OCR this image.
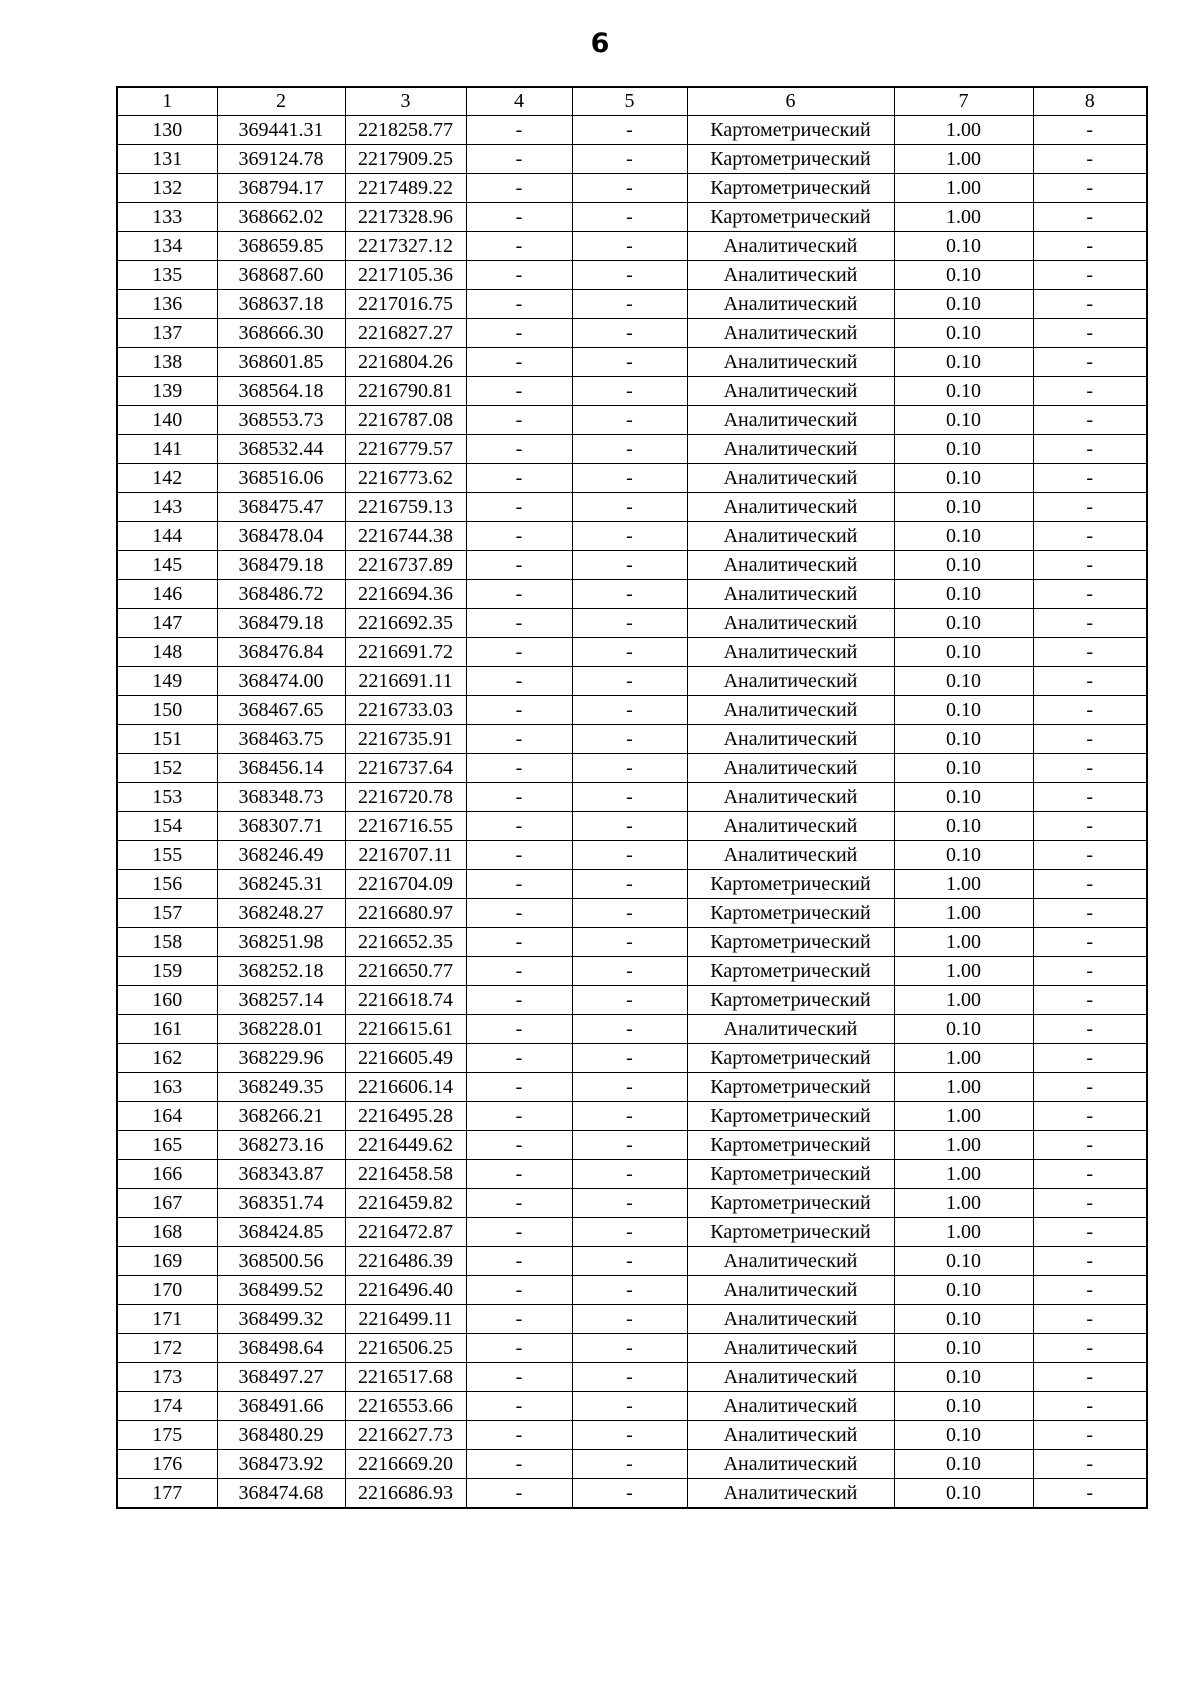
6
1	2	3	4	5	6	7	8
130	369441.31	2218258.77	-	-	Картометрический	1.00	-
131	369124.78	2217909.25	-	-	Картометрический	1.00	-
132	368794.17	2217489.22	-	-	Картометрический	1.00	-
133	368662.02	2217328.96	-	-	Картометрический	1.00	-
134	368659.85	2217327.12	-	-	Аналитический	0.10	-
135	368687.60	2217105.36	-	-	Аналитический	0.10	-
136	368637.18	2217016.75	-	-	Аналитический	0.10	-
137	368666.30	2216827.27	-	-	Аналитический	0.10	-
138	368601.85	2216804.26	-	-	Аналитический	0.10	-
139	368564.18	2216790.81	-	-	Аналитический	0.10	-
140	368553.73	2216787.08	-	-	Аналитический	0.10	-
141	368532.44	2216779.57	-	-	Аналитический	0.10	-
142	368516.06	2216773.62	-	-	Аналитический	0.10	-
143	368475.47	2216759.13	-	-	Аналитический	0.10	-
144	368478.04	2216744.38	-	-	Аналитический	0.10	-
145	368479.18	2216737.89	-	-	Аналитический	0.10	-
146	368486.72	2216694.36	-	-	Аналитический	0.10	-
147	368479.18	2216692.35	-	-	Аналитический	0.10	-
148	368476.84	2216691.72	-	-	Аналитический	0.10	-
149	368474.00	2216691.11	-	-	Аналитический	0.10	-
150	368467.65	2216733.03	-	-	Аналитический	0.10	-
151	368463.75	2216735.91	-	-	Аналитический	0.10	-
152	368456.14	2216737.64	-	-	Аналитический	0.10	-
153	368348.73	2216720.78	-	-	Аналитический	0.10	-
154	368307.71	2216716.55	-	-	Аналитический	0.10	-
155	368246.49	2216707.11	-	-	Аналитический	0.10	-
156	368245.31	2216704.09	-	-	Картометрический	1.00	-
157	368248.27	2216680.97	-	-	Картометрический	1.00	-
158	368251.98	2216652.35	-	-	Картометрический	1.00	-
159	368252.18	2216650.77	-	-	Картометрический	1.00	-
160	368257.14	2216618.74	-	-	Картометрический	1.00	-
161	368228.01	2216615.61	-	-	Аналитический	0.10	-
162	368229.96	2216605.49	-	-	Картометрический	1.00	-
163	368249.35	2216606.14	-	-	Картометрический	1.00	-
164	368266.21	2216495.28	-	-	Картометрический	1.00	-
165	368273.16	2216449.62	-	-	Картометрический	1.00	-
166	368343.87	2216458.58	-	-	Картометрический	1.00	-
167	368351.74	2216459.82	-	-	Картометрический	1.00	-
168	368424.85	2216472.87	-	-	Картометрический	1.00	-
169	368500.56	2216486.39	-	-	Аналитический	0.10	-
170	368499.52	2216496.40	-	-	Аналитический	0.10	-
171	368499.32	2216499.11	-	-	Аналитический	0.10	-
172	368498.64	2216506.25	-	-	Аналитический	0.10	-
173	368497.27	2216517.68	-	-	Аналитический	0.10	-
174	368491.66	2216553.66	-	-	Аналитический	0.10	-
175	368480.29	2216627.73	-	-	Аналитический	0.10	-
176	368473.92	2216669.20	-	-	Аналитический	0.10	-
177	368474.68	2216686.93	-	-	Аналитический	0.10	-
